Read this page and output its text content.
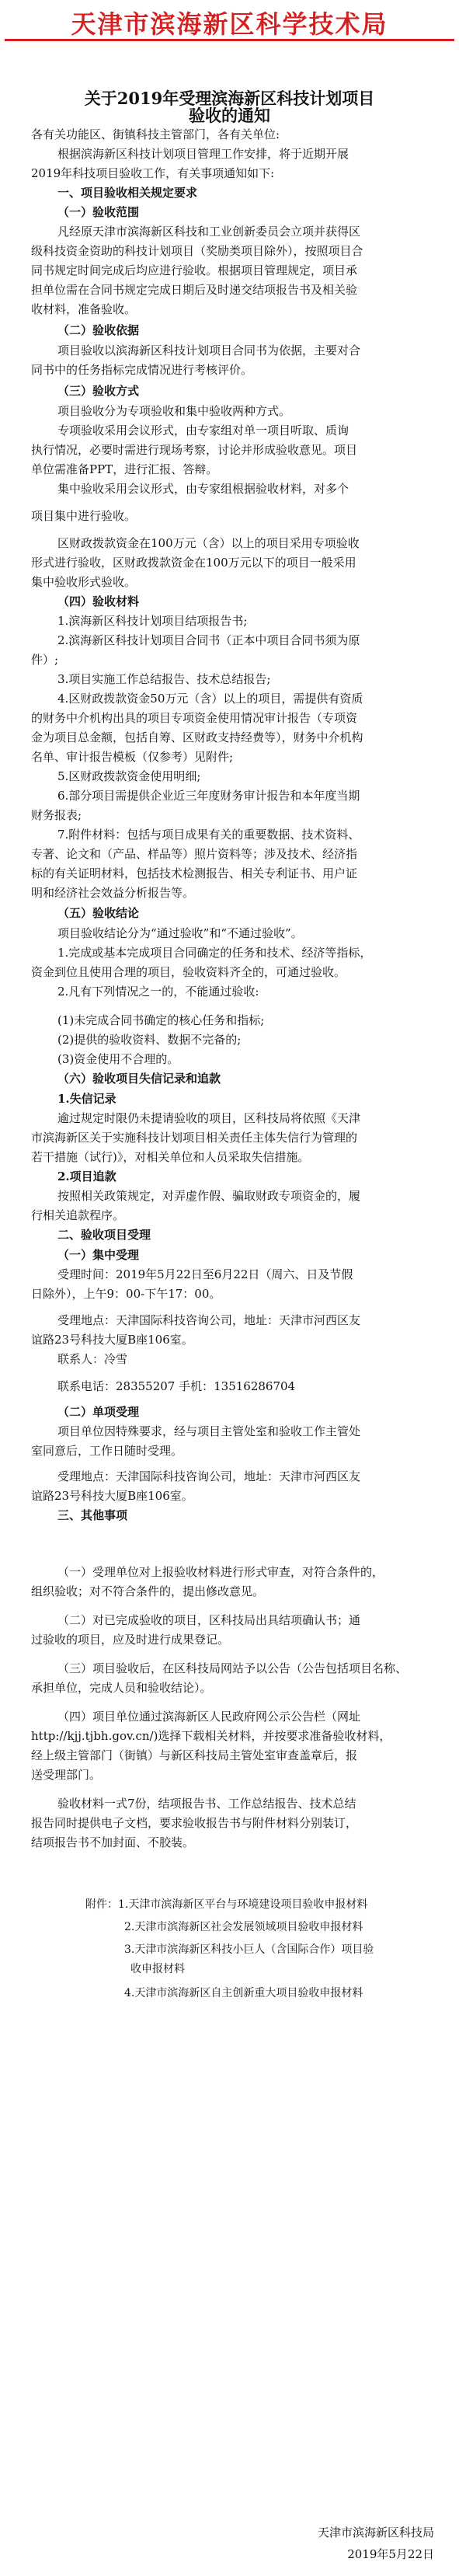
天津市滨海新区科学技术局
关于2019年受理滨海新区科技计划项目
验收的通知
各有关功能区、街镇科技主管部门，各有关单位:
根据滨海新区科技计划项目管理工作安排，将于近期开展
2019年科技项目验收工作，有关事项通知如下:
一、项目验收相关规定要求
（一）验收范围
凡经原天津市滨海新区科技和工业创新委员会立项并获得区
级科技资金资助的科技计划项目（奖励类项目除外），按照项目合
同书规定时间完成后均应进行验收。根据项目管理规定，项目承
担单位需在合同书规定完成日期后及时递交结项报告书及相关验
收材料，准备验收。
（二）验收依据
项目验收以滨海新区科技计划项目合同书为依据，主要对合
同书中的任务指标完成情况进行考核评价。
（三）验收方式
项目验收分为专项验收和集中验收两种方式。
专项验收采用会议形式，由专家组对单一项目听取、质询
执行情况，必要时需进行现场考察，讨论并形成验收意见。项目
单位需准备PPT，进行汇报、答辩。
集中验收采用会议形式，由专家组根据验收材料，对多个
项目集中进行验收。
区财政拨款资金在100万元（含）以上的项目采用专项验收
形式进行验收，区财政拨款资金在100万元以下的项目一般采用
集中验收形式验收。
（四）验收材料
1.滨海新区科技计划项目结项报告书;
2.滨海新区科技计划项目合同书（正本中项目合同书须为原
件）;
3.项目实施工作总结报告、技术总结报告;
4.区财政拨款资金50万元（含）以上的项目，需提供有资质
的财务中介机构出具的项目专项资金使用情况审计报告（专项资
金为项目总金额，包括自筹、区财政支持经费等），财务中介机构
名单、审计报告模板（仅参考）见附件;
5.区财政拨款资金使用明细;
6.部分项目需提供企业近三年度财务审计报告和本年度当期
财务报表;
7.附件材料：包括与项目成果有关的重要数据、技术资料、
专著、论文和（产品、样品等）照片资料等；涉及技术、经济指
标的有关证明材料，包括技术检测报告、相关专利证书、用户证
明和经济社会效益分析报告等。
（五）验收结论
项目验收结论分为“通过验收”和“不通过验收”。
1.完成或基本完成项目合同确定的任务和技术、经济等指标，
资金到位且使用合理的项目，验收资料齐全的，可通过验收。
2.凡有下列情况之一的，不能通过验收:
(1)未完成合同书确定的核心任务和指标;
(2)提供的验收资料、数据不完备的;
(3)资金使用不合理的。
（六）验收项目失信记录和追款
1.失信记录
逾过规定时限仍未提请验收的项目，区科技局将依照《天津
市滨海新区关于实施科技计划项目相关责任主体失信行为管理的
若干措施（试行)》，对相关单位和人员采取失信措施。
2.项目追款
按照相关政策规定，对弄虚作假、骗取财政专项资金的，履
行相关追款程序。
二、验收项目受理
（一）集中受理
受理时间：2019年5月22日至6月22日（周六、日及节假
日除外），上午9：00-下午17：00。
受理地点：天津国际科技咨询公司，地址：天津市河西区友
谊路23号科技大厦B座106室。
联系人：冷雪
联系电话：28355207 手机：13516286704
（二）单项受理
项目单位因特殊要求，经与项目主管处室和验收工作主管处
室同意后，工作日随时受理。
受理地点：天津国际科技咨询公司，地址：天津市河西区友
谊路23号科技大厦B座106室。
三、其他事项
（一）受理单位对上报验收材料进行形式审查，对符合条件的，
组织验收；对不符合条件的，提出修改意见。
（二）对已完成验收的项目，区科技局出具结项确认书；通
过验收的项目，应及时进行成果登记。
（三）项目验收后，在区科技局网站予以公告（公告包括项目名称、
承担单位，完成人员和验收结论）。
（四）项目单位通过滨海新区人民政府网公示公告栏（网址
http://kjj.tjbh.gov.cn/)选择下载相关材料，并按要求准备验收材料，
经上级主管部门（街镇）与新区科技局主管处室审查盖章后，报
送受理部门。
验收材料一式7份，结项报告书、工作总结报告、技术总结
报告同时提供电子文档，要求验收报告书与附件材料分别装订，
结项报告书不加封面、不胶装。
附件：1.天津市滨海新区平台与环境建设项目验收申报材料
2.天津市滨海新区社会发展领域项目验收申报材料
3.天津市滨海新区科技小巨人（含国际合作）项目验
收申报材料
4.天津市滨海新区自主创新重大项目验收申报材料
天津市滨海新区科技局
2019年5月22日
